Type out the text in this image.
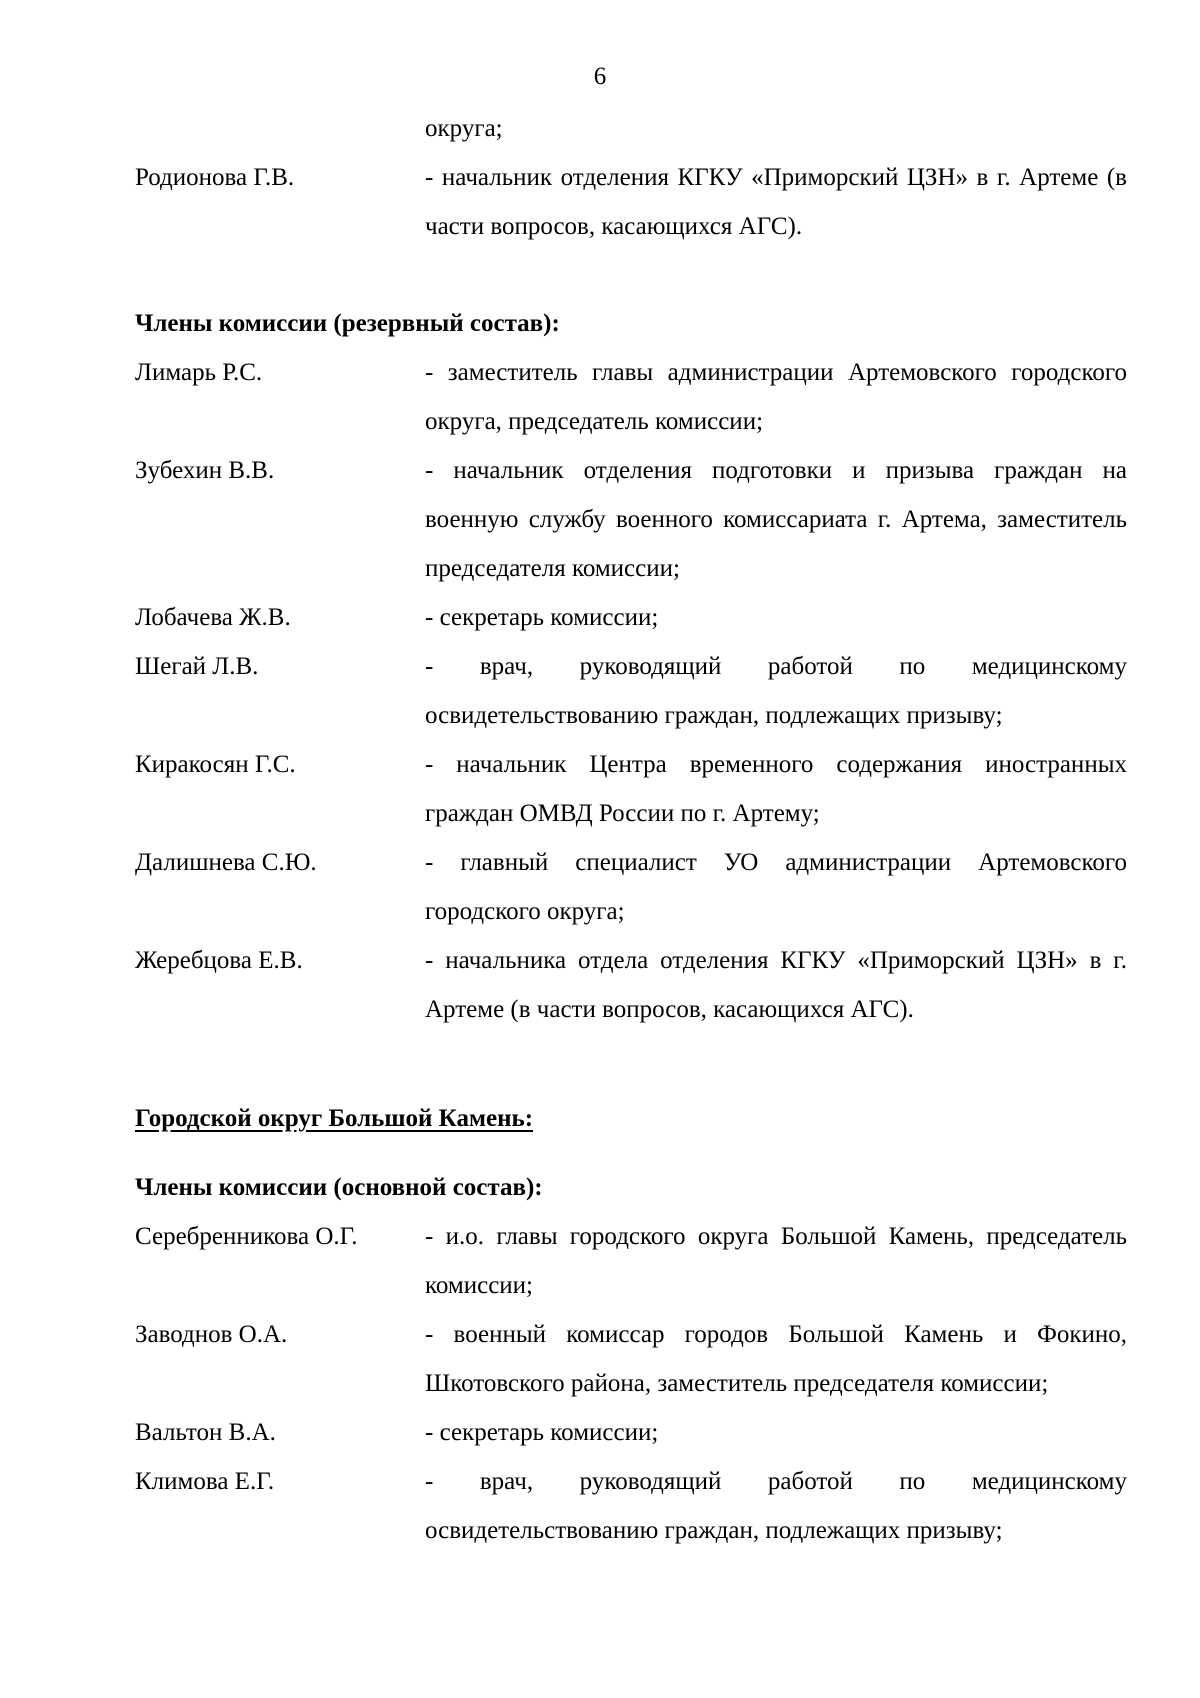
6
округа;
Родионова Г.В.	- начальник отделения КГКУ «Приморский ЦЗН» в г. Артеме (в части вопросов, касающихся АГС).
Члены комиссии (резервный состав):
Лимарь Р.С.	- заместитель главы администрации Артемовского городского округа, председатель комиссии;
Зубехин В.В.	- начальник отделения подготовки и призыва граждан на военную службу военного комиссариата г. Артема, заместитель председателя комиссии;
Лобачева Ж.В.	- секретарь комиссии;
Шегай Л.В.	- врач, руководящий работой по медицинскому освидетельствованию граждан, подлежащих призыву;
Киракосян Г.С.	- начальник Центра временного содержания иностранных граждан ОМВД России по г. Артему;
Далишнева С.Ю.	- главный специалист УО администрации Артемовского городского округа;
Жеребцова Е.В.	- начальника отдела отделения КГКУ «Приморский ЦЗН» в г. Артеме (в части вопросов, касающихся АГС).
Городской округ Большой Камень:
Члены комиссии (основной состав):
Серебренникова О.Г.	- и.о. главы городского округа Большой Камень, председатель комиссии;
Заводнов О.А.	- военный комиссар городов Большой Камень и Фокино, Шкотовского района, заместитель председателя комиссии;
Вальтон В.А.	- секретарь комиссии;
Климова Е.Г.	- врач, руководящий работой по медицинскому освидетельствованию граждан, подлежащих призыву;
